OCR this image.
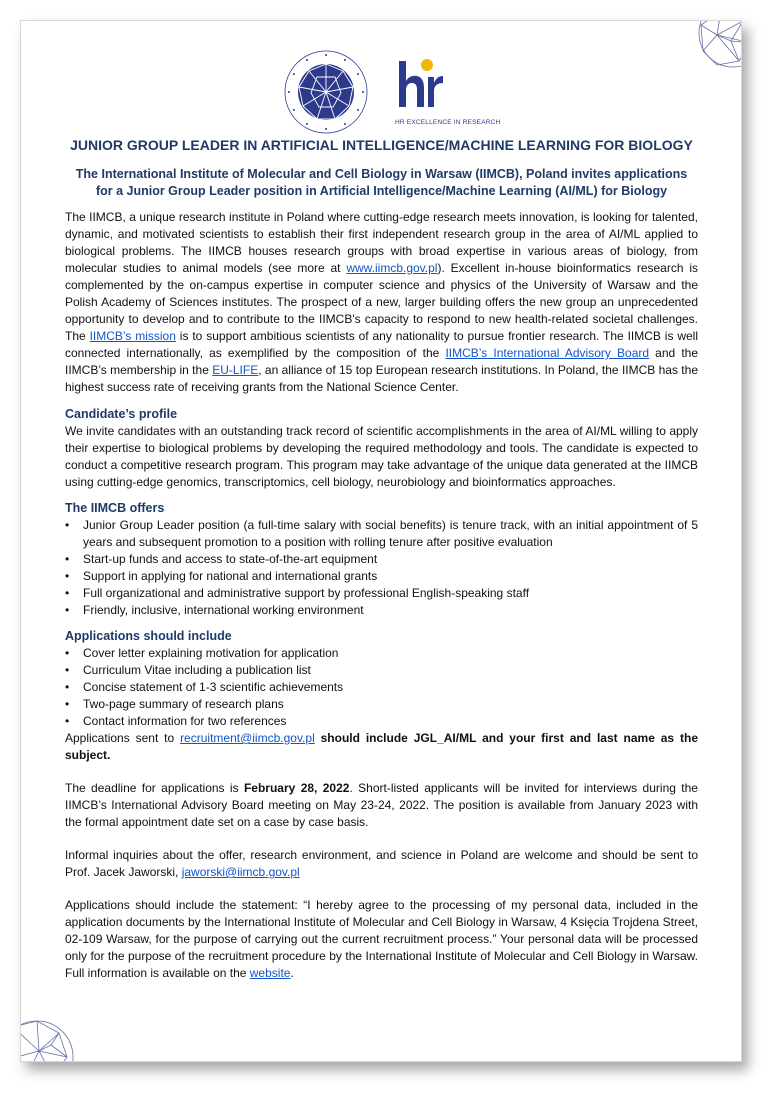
HR EXCELLENCE IN RESEARCH
JUNIOR GROUP LEADER IN ARTIFICIAL INTELLIGENCE/MACHINE LEARNING FOR BIOLOGY
The International Institute of Molecular and Cell Biology in Warsaw (IIMCB), Poland invites applications
for a Junior Group Leader position in Artificial Intelligence/Machine Learning (AI/ML) for Biology

The IIMCB, a unique research institute in Poland where cutting-edge research meets innovation, is looking for talented, dynamic, and motivated scientists to establish their first independent research group in the area of AI/ML applied to biological problems. The IIMCB houses research groups with broad expertise in various areas of biology, from molecular studies to animal models (see more at www.iimcb.gov.pl). Excellent in-house bioinformatics research is complemented by the on-campus expertise in computer science and physics of the University of Warsaw and the Polish Academy of Sciences institutes. The prospect of a new, larger building offers the new group an unprecedented opportunity to develop and to contribute to the IIMCB's capacity to respond to new health-related societal challenges. The IIMCB’s mission is to support ambitious scientists of any nationality to pursue frontier research. The IIMCB is well connected internationally, as exemplified by the composition of the IIMCB’s International Advisory Board and the IIMCB’s membership in the EU-LIFE, an alliance of 15 top European research institutions. In Poland, the IIMCB has the highest success rate of receiving grants from the National Science Center.

Candidate’s profile

We invite candidates with an outstanding track record of scientific accomplishments in the area of AI/ML willing to apply their expertise to biological problems by developing the required methodology and tools. The candidate is expected to conduct a competitive research program. This program may take advantage of the unique data generated at the IIMCB using cutting-edge genomics, transcriptomics, cell biology, neurobiology and bioinformatics approaches.

The IIMCB offers
• Junior Group Leader position (a full-time salary with social benefits) is tenure track, with an initial appointment of 5 years and subsequent promotion to a position with rolling tenure after positive evaluation
• Start-up funds and access to state-of-the-art equipment
• Support in applying for national and international grants
• Full organizational and administrative support by professional English-speaking staff
• Friendly, inclusive, international working environment
Applications should include
• Cover letter explaining motivation for application
• Curriculum Vitae including a publication list
• Concise statement of 1-3 scientific achievements
• Two-page summary of research plans
• Contact information for two references

Applications sent to recruitment@iimcb.gov.pl should include JGL_AI/ML and your first and last name as the subject.

The deadline for applications is February 28, 2022. Short-listed applicants will be invited for interviews during the IIMCB’s International Advisory Board meeting on May 23-24, 2022. The position is available from January 2023 with the formal appointment date set on a case by case basis.

Informal inquiries about the offer, research environment, and science in Poland are welcome and should be sent to Prof. Jacek Jaworski, jaworski@iimcb.gov.pl

Applications should include the statement: “I hereby agree to the processing of my personal data, included in the application documents by the International Institute of Molecular and Cell Biology in Warsaw, 4 Księcia Trojdena Street, 02-109 Warsaw, for the purpose of carrying out the current recruitment process.” Your personal data will be processed only for the purpose of the recruitment procedure by the International Institute of Molecular and Cell Biology in Warsaw. Full information is available on the website.
